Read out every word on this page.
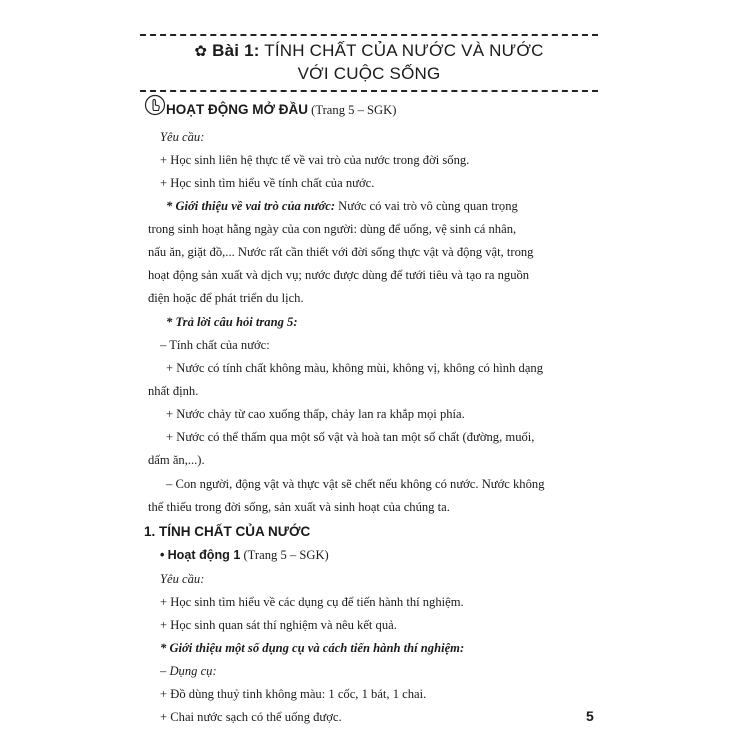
✿ Bài 1: TÍNH CHẤT CỦA NƯỚC VÀ NƯỚC
VỚI CUỘC SỐNG
HOẠT ĐỘNG MỞ ĐẦU (Trang 5 – SGK)
Yêu cầu:
+ Học sinh liên hệ thực tế về vai trò của nước trong đời sống.
+ Học sinh tìm hiểu về tính chất của nước.
* Giới thiệu về vai trò của nước: Nước có vai trò vô cùng quan trọng
trong sinh hoạt hằng ngày của con người: dùng để uống, vệ sinh cá nhân,
nấu ăn, giặt đồ,... Nước rất cần thiết với đời sống thực vật và động vật, trong
hoạt động sản xuất và dịch vụ; nước được dùng để tưới tiêu và tạo ra nguồn
điện hoặc để phát triển du lịch.
* Trả lời câu hỏi trang 5:
– Tính chất của nước:
+ Nước có tính chất không màu, không mùi, không vị, không có hình dạng
nhất định.
+ Nước chảy từ cao xuống thấp, chảy lan ra khắp mọi phía.
+ Nước có thể thấm qua một số vật và hoà tan một số chất (đường, muối,
dấm ăn,...).
– Con người, động vật và thực vật sẽ chết nếu không có nước. Nước không
thể thiếu trong đời sống, sản xuất và sinh hoạt của chúng ta.
1. TÍNH CHẤT CỦA NƯỚC
• Hoạt động 1 (Trang 5 – SGK)
Yêu cầu:
+ Học sinh tìm hiểu về các dụng cụ để tiến hành thí nghiệm.
+ Học sinh quan sát thí nghiệm và nêu kết quả.
* Giới thiệu một số dụng cụ và cách tiến hành thí nghiệm:
– Dụng cụ:
+ Đồ dùng thuỷ tinh không màu: 1 cốc, 1 bát, 1 chai.
+ Chai nước sạch có thể uống được.	5
